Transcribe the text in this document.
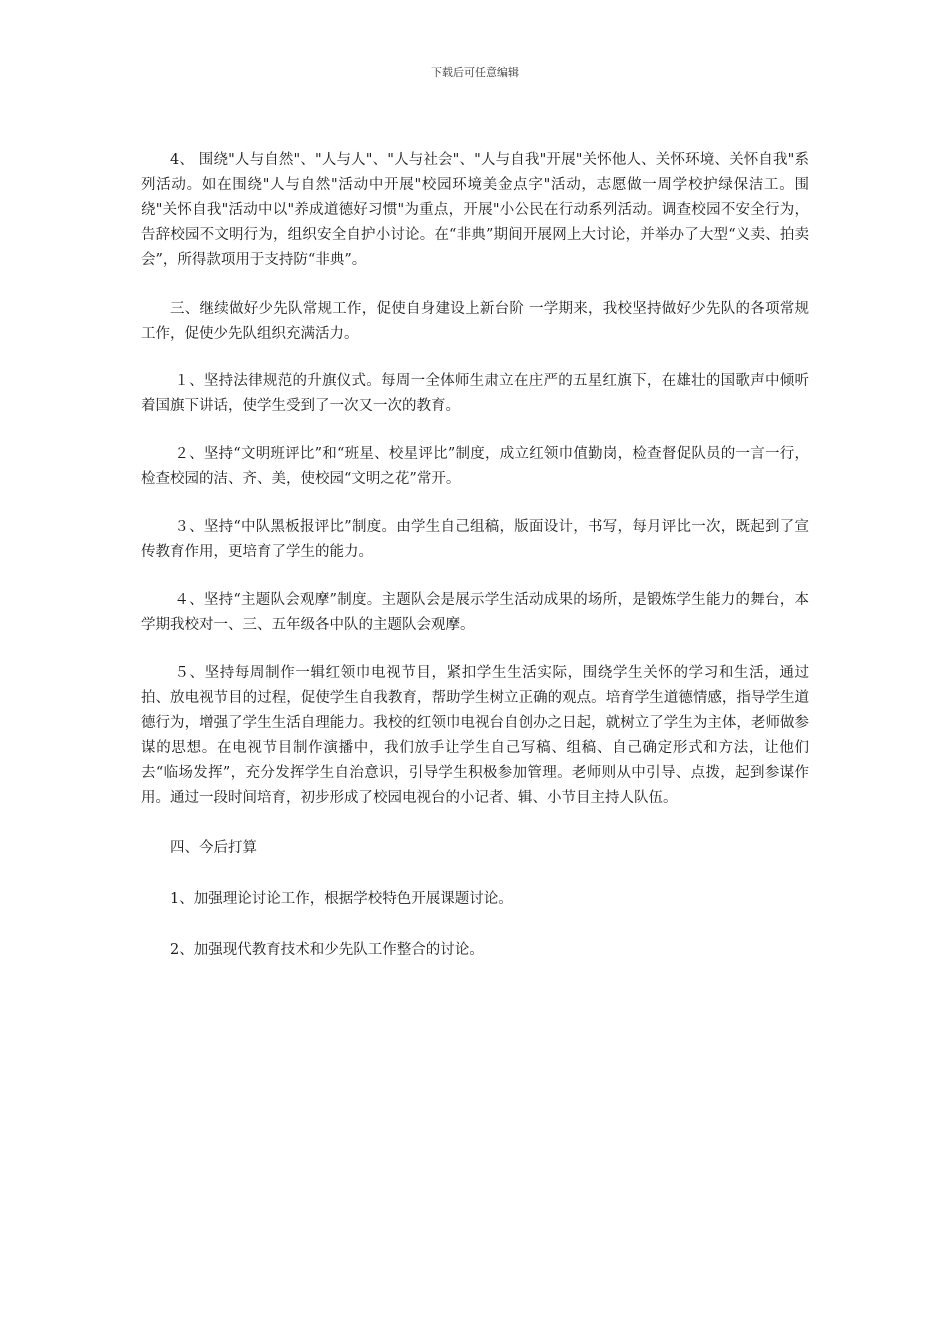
下载后可任意编辑

4、 围绕"人与自然"、"人与人"、"人与社会"、"人与自我"开展"关怀他人、关怀环境、关怀自我"系列活动。如在围绕"人与自然"活动中开展"校园环境美金点字"活动，志愿做一周学校护绿保洁工。围绕"关怀自我"活动中以"养成道德好习惯"为重点，开展"小公民在行动系列活动。调查校园不安全行为，告辞校园不文明行为，组织安全自护小讨论。在“非典”期间开展网上大讨论，并举办了大型“义卖、拍卖会”，所得款项用于支持防“非典”。

三、继续做好少先队常规工作，促使自身建设上新台阶 一学期来，我校坚持做好少先队的各项常规工作，促使少先队组织充满活力。

１、坚持法律规范的升旗仪式。每周一全体师生肃立在庄严的五星红旗下，在雄壮的国歌声中倾听着国旗下讲话，使学生受到了一次又一次的教育。

２、坚持“文明班评比”和“班星、校星评比”制度，成立红领巾值勤岗，检查督促队员的一言一行，检查校园的洁、齐、美，使校园“文明之花”常开。

３、坚持“中队黑板报评比”制度。由学生自己组稿，版面设计，书写，每月评比一次，既起到了宣传教育作用，更培育了学生的能力。

４、坚持“主题队会观摩”制度。主题队会是展示学生活动成果的场所，是锻炼学生能力的舞台，本学期我校对一、三、五年级各中队的主题队会观摩。

５、坚持每周制作一辑红领巾电视节目，紧扣学生生活实际，围绕学生关怀的学习和生活，通过拍、放电视节目的过程，促使学生自我教育，帮助学生树立正确的观点。培育学生道德情感，指导学生道德行为，增强了学生生活自理能力。我校的红领巾电视台自创办之日起，就树立了学生为主体，老师做参谋的思想。在电视节目制作演播中，我们放手让学生自己写稿、组稿、自己确定形式和方法，让他们去“临场发挥”，充分发挥学生自治意识，引导学生积极参加管理。老师则从中引导、点拨，起到参谋作用。通过一段时间培育，初步形成了校园电视台的小记者、辑、小节目主持人队伍。

四、今后打算

1、加强理论讨论工作，根据学校特色开展课题讨论。

2、加强现代教育技术和少先队工作整合的讨论。
